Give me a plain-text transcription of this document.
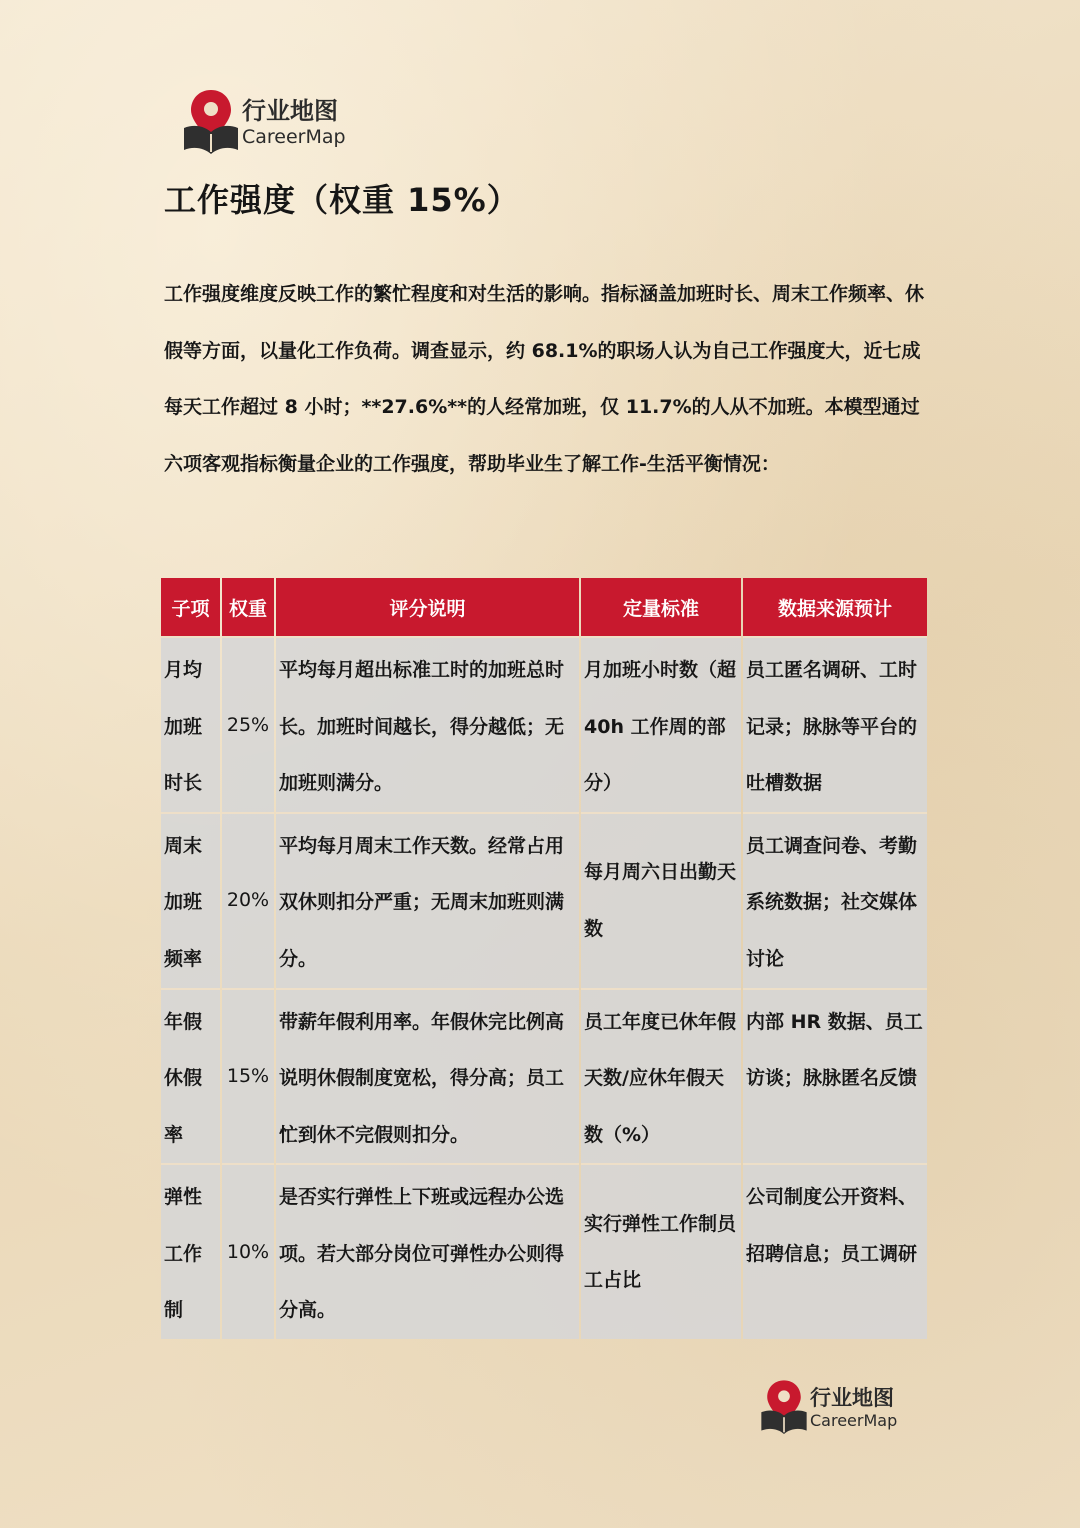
行业地图
CareerMap
工作强度（权重 15%）

工作强度维度反映工作的繁忙程度和对生活的影响。指标涵盖加班时长、周末工作频率、休假等方面，以量化工作负荷。调查显示，约 68.1%的职场人认为自己工作强度大，近七成每天工作超过 8 小时；**27.6%**的人经常加班，仅 11.7%的人从不加班。本模型通过六项客观指标衡量企业的工作强度，帮助毕业生了解工作-生活平衡情况：

子项	权重	评分说明	定量标准	数据来源预计
月均加班时长	25%	平均每月超出标准工时的加班总时长。加班时间越长，得分越低；无加班则满分。	月加班小时数（超 40h 工作周的部分）	员工匿名调研、工时记录；脉脉等平台的吐槽数据
周末加班频率	20%	平均每月周末工作天数。经常占用双休则扣分严重；无周末加班则满分。	每月周六日出勤天数	员工调查问卷、考勤系统数据；社交媒体讨论
年假休假率	15%	带薪年假利用率。年假休完比例高说明休假制度宽松，得分高；员工忙到休不完假则扣分。	员工年度已休年假天数/应休年假天数（%）	内部 HR 数据、员工访谈；脉脉匿名反馈
弹性工作制	10%	是否实行弹性上下班或远程办公选项。若大部分岗位可弹性办公则得分高。	实行弹性工作制员工占比	公司制度公开资料、招聘信息；员工调研
行业地图
CareerMap
